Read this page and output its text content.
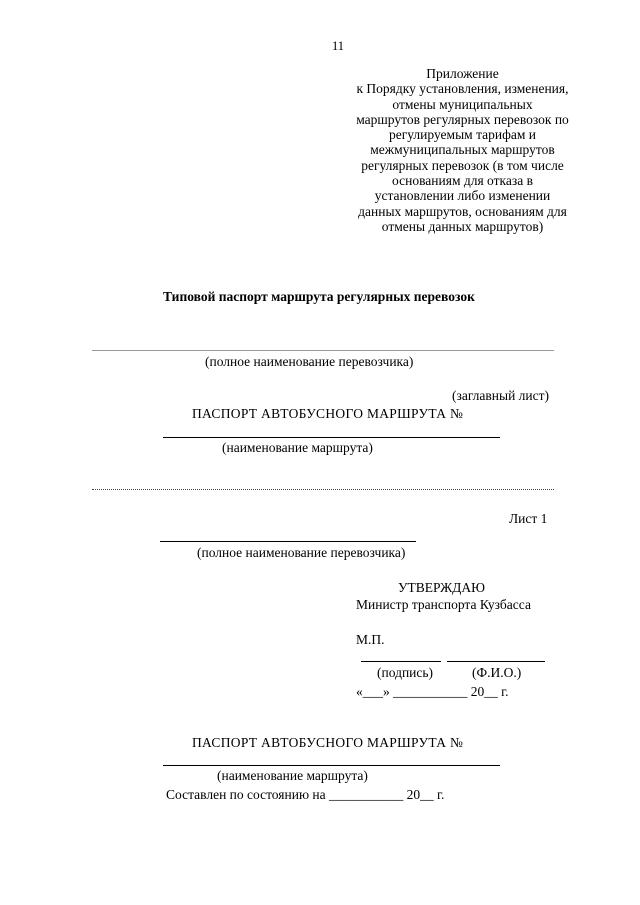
11
Приложение
к Порядку установления, изменения,
отмены муниципальных
маршрутов регулярных перевозок по
регулируемым тарифам и
межмуниципальных маршрутов
регулярных перевозок (в том числе
основаниям для отказа в
установлении либо изменении
данных маршрутов, основаниям для
отмены данных маршрутов)
Типовой паспорт маршрута регулярных перевозок
(полное наименование перевозчика)
(заглавный лист)
ПАСПОРТ АВТОБУСНОГО МАРШРУТА №
(наименование маршрута)
Лист 1
(полное наименование перевозчика)
УТВЕРЖДАЮ
Министр транспорта Кузбасса
М.П.
(подпись)	(Ф.И.О.)
«___» ___________ 20__ г.
ПАСПОРТ АВТОБУСНОГО МАРШРУТА №
(наименование маршрута)
Составлен по состоянию на ___________ 20__ г.
